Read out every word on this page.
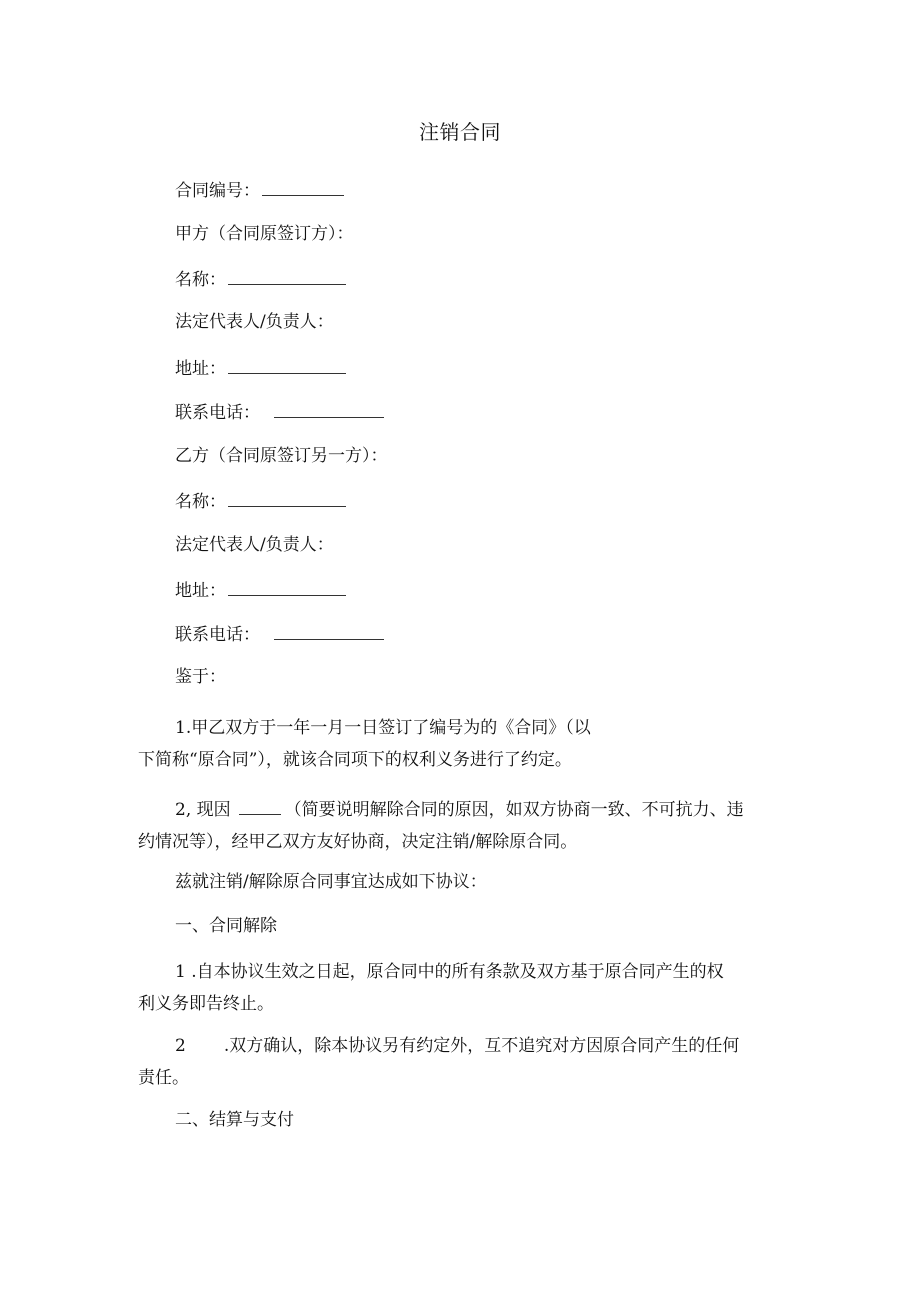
注销合同
合同编号：
甲方（合同原签订方）：
名称：
法定代表人/负责人：
地址：
联系电话：
乙方（合同原签订另一方）：
名称：
法定代表人/负责人：
地址：
联系电话：
鉴于：
1.甲乙双方于一年一月一日签订了编号为的《合同》（以
下简称“原合同”），就该合同项下的权利义务进行了约定。
2, 现因	（简要说明解除合同的原因，如双方协商一致、不可抗力、违
约情况等），经甲乙双方友好协商，决定注销/解除原合同。
兹就注销/解除原合同事宜达成如下协议：
一、合同解除
1 .自本协议生效之日起，原合同中的所有条款及双方基于原合同产生的权
利义务即告终止。
2 .双方确认，除本协议另有约定外，互不追究对方因原合同产生的任何
责任。
二、结算与支付
